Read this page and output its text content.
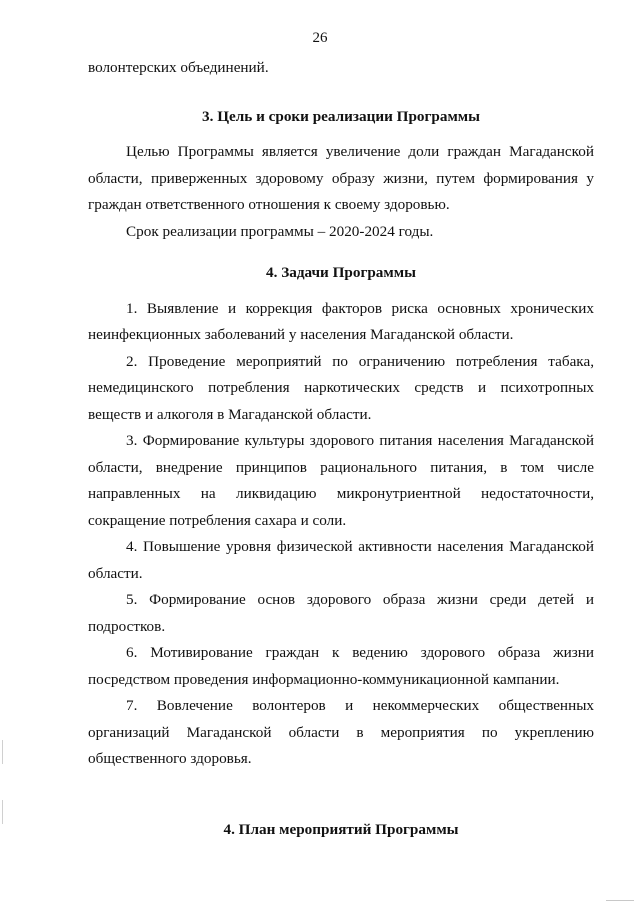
26

волонтерских объединений.

3. Цель и сроки реализации Программы

Целью Программы является увеличение доли граждан Магаданской области, приверженных здоровому образу жизни, путем формирования у граждан ответственного отношения к своему здоровью.

Срок реализации программы – 2020-2024 годы.

4. Задачи Программы

1. Выявление и коррекция факторов риска основных хронических неинфекционных заболеваний у населения Магаданской области.

2. Проведение мероприятий по ограничению потребления табака, немедицинского потребления наркотических средств и психотропных веществ и алкоголя в Магаданской области.

3. Формирование культуры здорового питания населения Магаданской области, внедрение принципов рационального питания, в том числе направленных на ликвидацию микронутриентной недостаточности, сокращение потребления сахара и соли.

4. Повышение уровня физической активности населения Магаданской области.

5. Формирование основ здорового образа жизни среди детей и подростков.

6. Мотивирование граждан к ведению здорового образа жизни посредством проведения информационно-коммуникационной кампании.

7. Вовлечение волонтеров и некоммерческих общественных организаций Магаданской области в мероприятия по укреплению общественного здоровья.

4. План мероприятий Программы
